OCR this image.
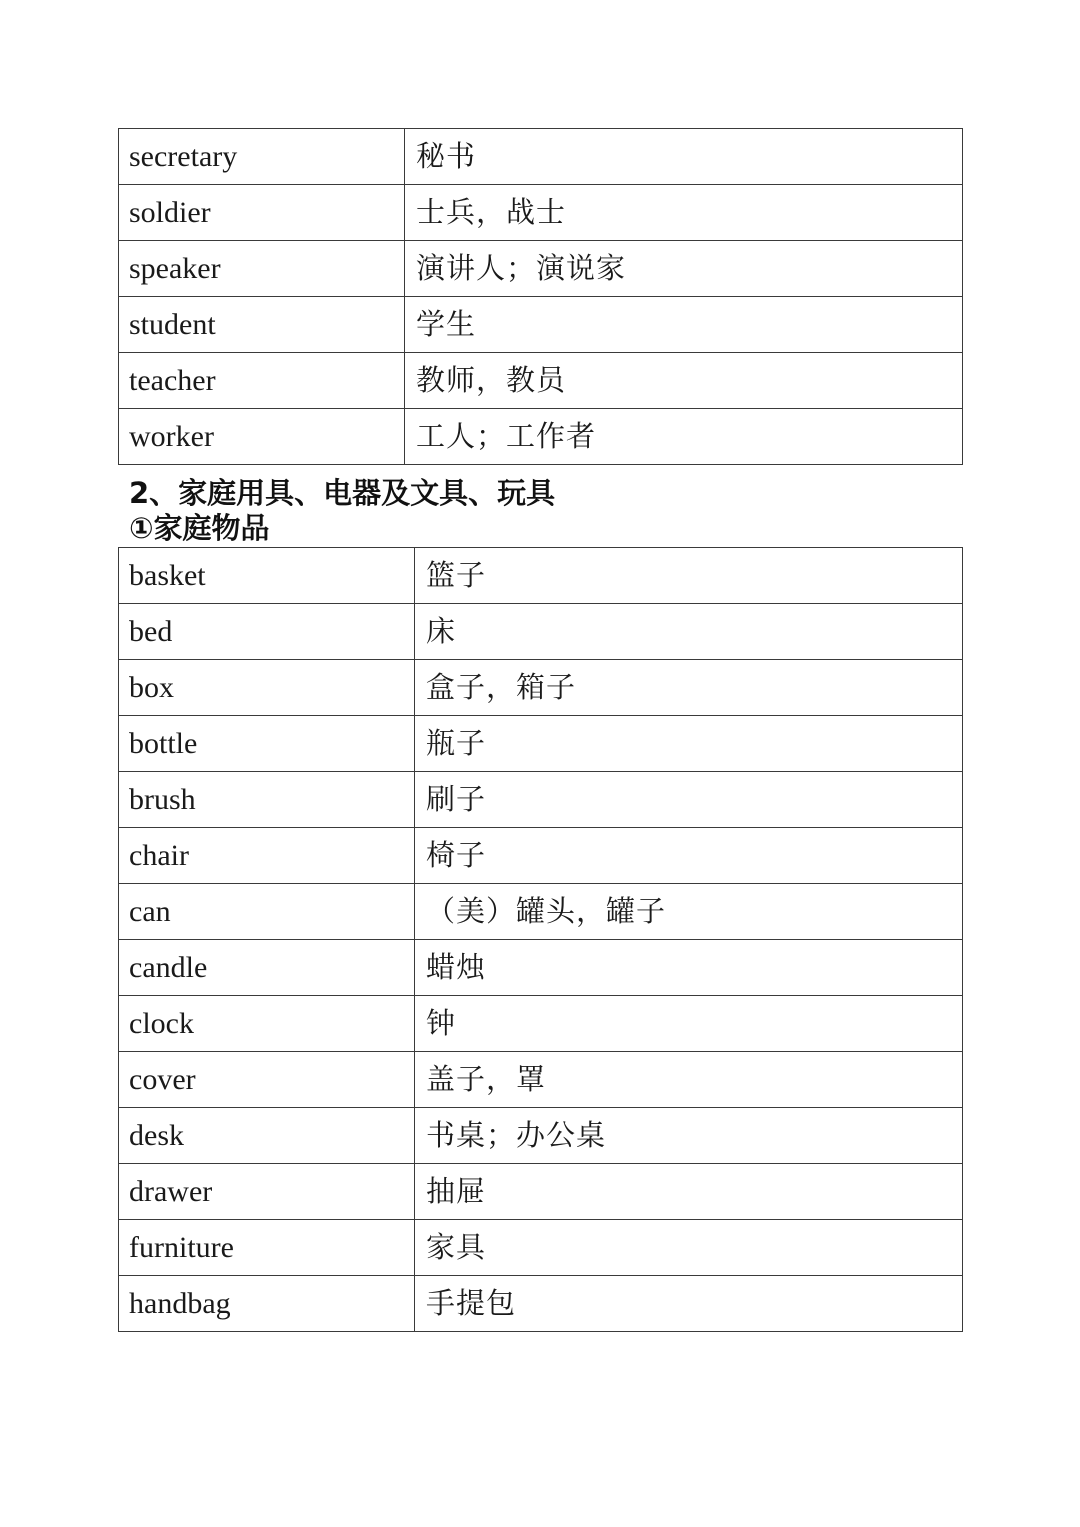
secretary	秘书
soldier	士兵，战士
speaker	演讲人；演说家
student	学生
teacher	教师，教员
worker	工人；工作者
2、家庭用具、电器及文具、玩具
①家庭物品
basket	篮子
bed	床
box	盒子，箱子
bottle	瓶子
brush	刷子
chair	椅子
can	（美）罐头，罐子
candle	蜡烛
clock	钟
cover	盖子，罩
desk	书桌；办公桌
drawer	抽屉
furniture	家具
handbag	手提包
